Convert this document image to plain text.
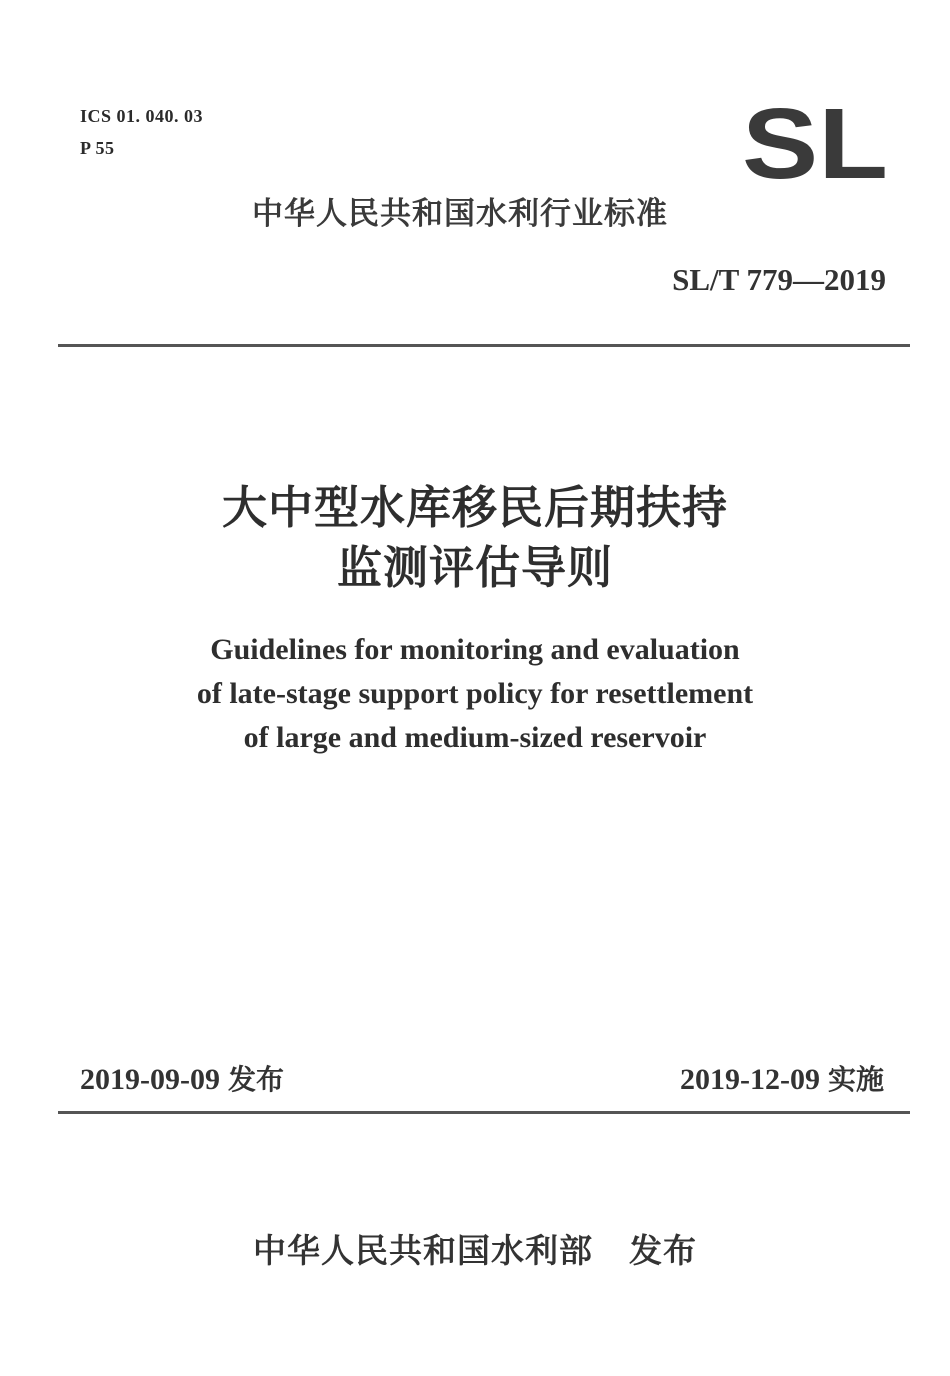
ICS 01. 040. 03
P 55	SL
中华人民共和国水利行业标准
SL/T 779—2019
大中型水库移民后期扶持
监测评估导则
Guidelines for monitoring and evaluation
of late-stage support policy for resettlement
of large and medium-sized reservoir
2019-09-09 发布	2019-12-09 实施
中华人民共和国水利部 发布
